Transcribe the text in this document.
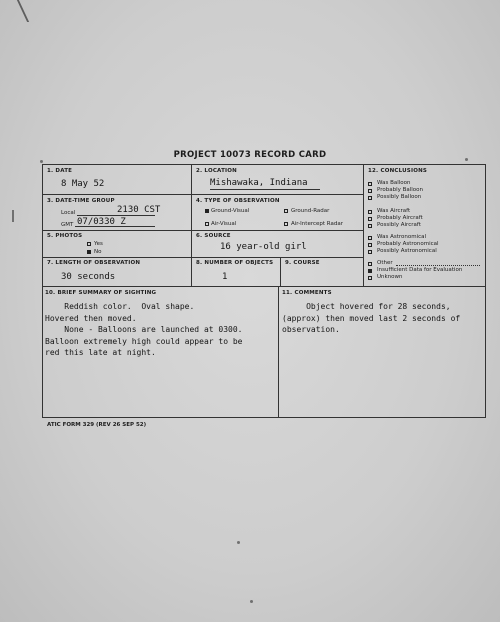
PROJECT 10073 RECORD CARD
1. DATE
8 May 52
2. LOCATION
Mishawaka, Indiana
12. CONCLUSIONS
Was Balloon
Probably Balloon
Possibly Balloon
Was Aircraft
Probably Aircraft
Possibly Aircraft
Was Astronomical
Probably Astronomical
Possibly Astronomical
Other
Insufficient Data for Evaluation
Unknown
3. DATE-TIME GROUP
Local	2130 CST
GMT 07/0330 Z
4. TYPE OF OBSERVATION
Ground-Visual	Ground-Radar
Air-Visual	Air-Intercept Radar
5. PHOTOS
Yes
No
6. SOURCE
16 year-old girl
7. LENGTH OF OBSERVATION
30 seconds
8. NUMBER OF OBJECTS
1
9. COURSE
10. BRIEF SUMMARY OF SIGHTING
Reddish color.  Oval shape.
Hovered then moved.
None - Balloons are launched at 0300.
Balloon extremely high could appear to be
red this late at night.
11. COMMENTS
Object hovered for 28 seconds,
(approx) then moved last 2 seconds of
observation.
ATIC FORM 329 (REV 26 SEP 52)
